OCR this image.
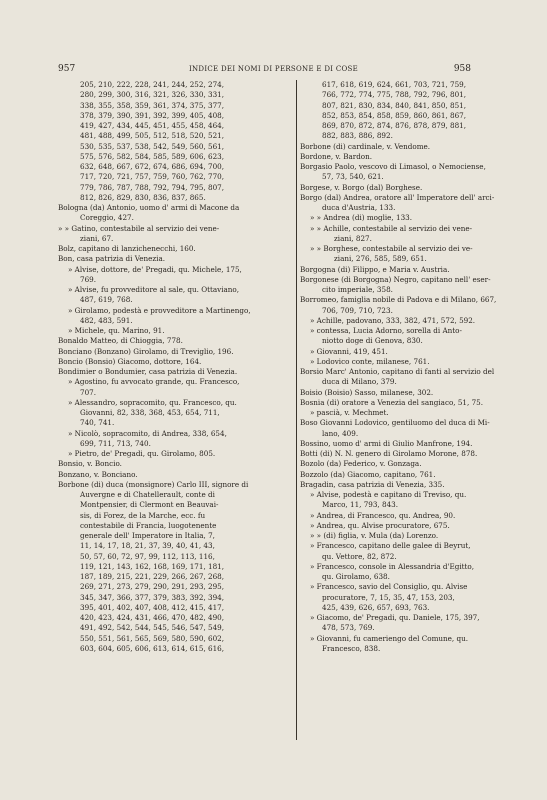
957	INDICE DEI NOMI DI PERSONE E DI COSE	958
205, 210, 222, 228, 241, 244, 252, 274,
280, 299, 300, 316, 321, 326, 330, 331,
338, 355, 358, 359, 361, 374, 375, 377,
378, 379, 390, 391, 392, 399, 405, 408,
419, 427, 434, 445, 451, 455, 458, 464,
481, 488, 499, 505, 512, 518, 520, 521,
530, 535, 537, 538, 542, 549, 560, 561,
575, 576, 582, 584, 585, 589, 606, 623,
632, 648, 667, 672, 674, 686, 694, 700,
717, 720, 721, 757, 759, 760, 762, 770,
779, 786, 787, 788, 792, 794, 795, 807,
812, 826, 829, 830, 836, 837, 865.
Bologna (da) Antonio, uomo d' armi di Macone da
Coreggio, 427.
» » Gatino, contestabile al servizio dei vene-
ziani, 67.
Bolz, capitano di lanzichenecchi, 160.
Bon, casa patrizia di Venezia.
» Alvise, dottore, de' Pregadi, qu. Michele, 175,
769.
» Alvise, fu provveditore al sale, qu. Ottaviano,
487, 619, 768.
» Girolamo, podestà e provveditore a Martinengo,
482, 483, 591.
» Michele, qu. Marino, 91.
Bonaldo Matteo, di Chioggia, 778.
Bonciano (Bonzano) Girolamo, di Treviglio, 196.
Boncio (Bonsio) Giacomo, dottore, 164.
Bondimier o Bondumier, casa patrizia di Venezia.
» Agostino, fu avvocato grande, qu. Francesco,
707.
» Alessandro, sopracomito, qu. Francesco, qu.
Giovanni, 82, 338, 368, 453, 654, 711,
740, 741.
» Nicolò, sopracomito, di Andrea, 338, 654,
699, 711, 713, 740.
» Pietro, de' Pregadi, qu. Girolamo, 805.
Bonsio, v. Boncio.
Bonzano, v. Bonciano.
Borbone (di) duca (monsignore) Carlo III, signore di
Auvergne e di Chatellerault, conte di
Montpensier, di Clermont en Beauvai-
sis, di Forez, de la Marche, ecc. fu
contestabile di Francia, luogotenente
generale dell' Imperatore in Italia, 7,
11, 14, 17, 18, 21, 37, 39, 40, 41, 43,
50, 57, 60, 72, 97, 99, 112, 113, 116,
119, 121, 143, 162, 168, 169, 171, 181,
187, 189, 215, 221, 229, 266, 267, 268,
269, 271, 273, 279, 290, 291, 293, 295,
345, 347, 366, 377, 379, 383, 392, 394,
395, 401, 402, 407, 408, 412, 415, 417,
420, 423, 424, 431, 466, 470, 482, 490,
491, 492, 542, 544, 545, 546, 547, 549,
550, 551, 561, 565, 569, 580, 590, 602,
603, 604, 605, 606, 613, 614, 615, 616,
617, 618, 619, 624, 661, 703, 721, 759,
766, 772, 774, 775, 788, 792, 796, 801,
807, 821, 830, 834, 840, 841, 850, 851,
852, 853, 854, 858, 859, 860, 861, 867,
869, 870, 872, 874, 876, 878, 879, 881,
882, 883, 886, 892.
Borbone (di) cardinale, v. Vendome.
Bordone, v. Bardon.
Borgasio Paolo, vescovo di Limasol, o Nemociense,
57, 73, 540, 621.
Borgese, v. Borgo (dal) Borghese.
Borgo (dal) Andrea, oratore all' Imperatore dell' arci-
duca d'Austria, 133.
» » Andrea (di) moglie, 133.
» » Achille, contestabile al servizio dei vene-
ziani, 827.
» » Borghese, contestabile al servizio dei ve-
ziani, 276, 585, 589, 651.
Borgogna (di) Filippo, e Maria v. Austria.
Borgonese (di Borgogna) Negro, capitano nell' eser-
cito imperiale, 358.
Borromeo, famiglia nobile di Padova e di Milano, 667,
706, 709, 710, 723.
» Achille, padovano, 333, 382, 471, 572, 592.
» contessa, Lucia Adorno, sorella di Anto-
niotto doge di Genova, 830.
» Giovanni, 419, 451.
» Lodovico conte, milanese, 761.
Borsio Marc' Antonio, capitano di fanti al servizio del
duca di Milano, 379.
Boisio (Boisio) Sasso, milanese, 302.
Bosnia (di) oratore a Venezia del sangiaco, 51, 75.
» pascià, v. Mechmet.
Boso Giovanni Lodovico, gentiluomo del duca di Mi-
lano, 409.
Bossino, uomo d' armi di Giulio Manfrone, 194.
Botti (di) N. N. genero di Girolamo Morone, 878.
Bozolo (da) Federico, v. Gonzaga.
Bozzolo (da) Giacomo, capitano, 761.
Bragadin, casa patrizia di Venezia, 335.
» Alvise, podestà e capitano di Treviso, qu.
Marco, 11, 793, 843.
» Andrea, di Francesco, qu. Andrea, 90.
» Andrea, qu. Alvise procuratore, 675.
» » (di) figlia, v. Mula (da) Lorenzo.
» Francesco, capitano delle galee di Beyrut,
qu. Vettore, 82, 872.
» Francesco, console in Alessandria d'Egitto,
qu. Girolamo, 638.
» Francesco, savio del Consiglio, qu. Alvise
procuratore, 7, 15, 35, 47, 153, 203,
425, 439, 626, 657, 693, 763.
» Giacomo, de' Pregadi, qu. Daniele, 175, 397,
478, 573, 769.
» Giovanni, fu cameriengo del Comune, qu.
Francesco, 838.
